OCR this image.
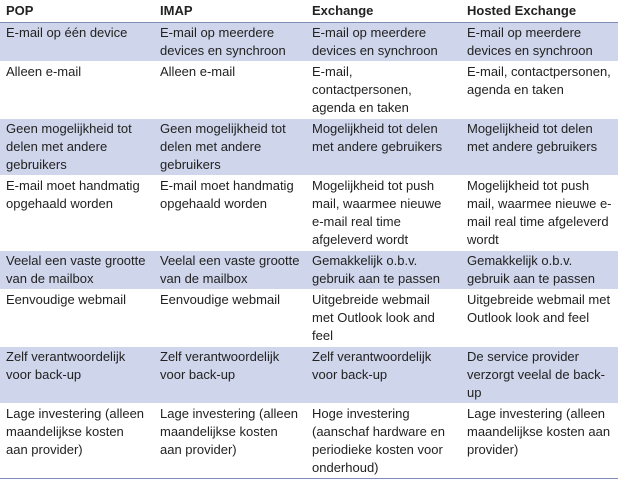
POP	IMAP	Exchange	Hosted Exchange
E-mail op één device	E-mail op meerdere devices en synchroon	E-mail op meerdere devices en synchroon	E-mail op meerdere devices en synchroon
Alleen e-mail	Alleen e-mail	E-mail, contactpersonen, agenda en taken	E-mail, contactpersonen, agenda en taken
Geen mogelijkheid tot delen met andere gebruikers	Geen mogelijkheid tot delen met andere gebruikers	Mogelijkheid tot delen met andere gebruikers	Mogelijkheid tot delen met andere gebruikers
E-mail moet handmatig opgehaald worden	E-mail moet handmatig opgehaald worden	Mogelijkheid tot push mail, waarmee nieuwe e-mail real time afgeleverd wordt	Mogelijkheid tot push mail, waarmee nieuwe e-mail real time afgeleverd wordt
Veelal een vaste grootte van de mailbox	Veelal een vaste grootte van de mailbox	Gemakkelijk o.b.v. gebruik aan te passen	Gemakkelijk o.b.v. gebruik aan te passen
Eenvoudige webmail	Eenvoudige webmail	Uitgebreide webmail met Outlook look and feel	Uitgebreide webmail met Outlook look and feel
Zelf verantwoordelijk voor back-up	Zelf verantwoordelijk voor back-up	Zelf verantwoordelijk voor back-up	De service provider verzorgt veelal de back-up
Lage investering (alleen maandelijkse kosten aan provider)	Lage investering (alleen maandelijkse kosten aan provider)	Hoge investering (aanschaf hardware en periodieke kosten voor onderhoud)	Lage investering (alleen maandelijkse kosten aan provider)
